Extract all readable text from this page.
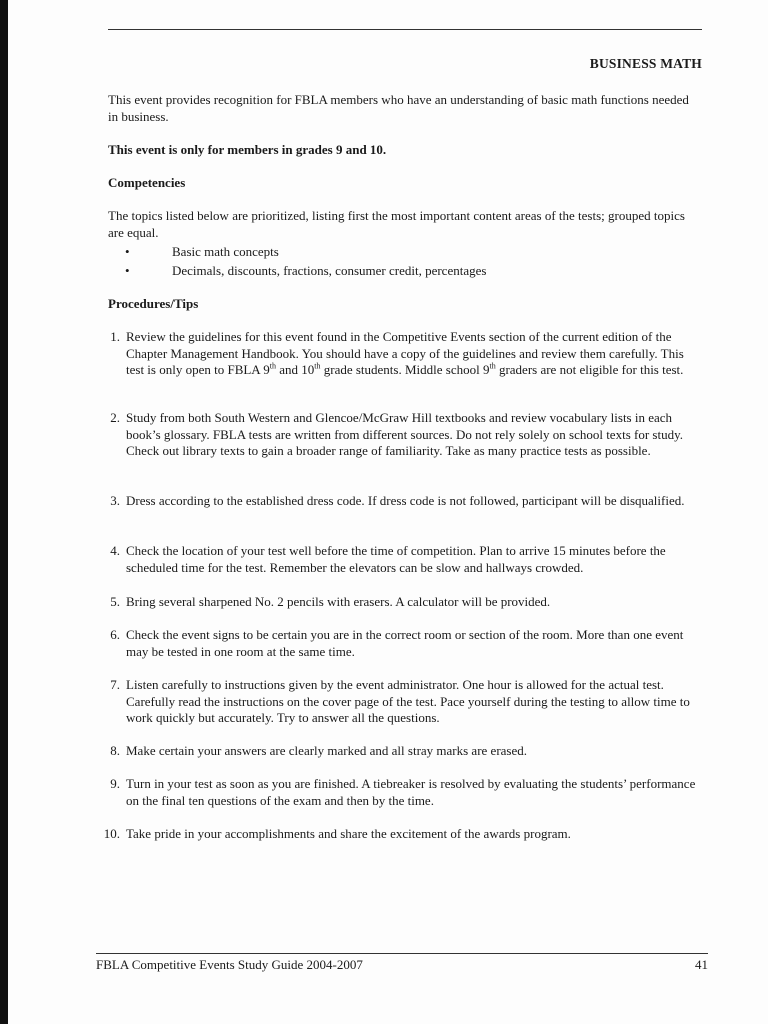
BUSINESS MATH
This event provides recognition for FBLA members who have an understanding of basic math functions needed in business.
This event is only for members in grades 9 and 10.
Competencies
The topics listed below are prioritized, listing first the most important content areas of the tests; grouped topics are equal.
•	Basic math concepts
•	Decimals, discounts, fractions, consumer credit, percentages
Procedures/Tips
1. Review the guidelines for this event found in the Competitive Events section of the current edition of the Chapter Management Handbook. You should have a copy of the guidelines and review them carefully. This test is only open to FBLA 9th and 10th grade students. Middle school 9th graders are not eligible for this test.
2. Study from both South Western and Glencoe/McGraw Hill textbooks and review vocabulary lists in each book’s glossary. FBLA tests are written from different sources. Do not rely solely on school texts for study. Check out library texts to gain a broader range of familiarity. Take as many practice tests as possible.
3. Dress according to the established dress code. If dress code is not followed, participant will be disqualified.
4. Check the location of your test well before the time of competition. Plan to arrive 15 minutes before the scheduled time for the test. Remember the elevators can be slow and hallways crowded.
5. Bring several sharpened No. 2 pencils with erasers. A calculator will be provided.
6. Check the event signs to be certain you are in the correct room or section of the room. More than one event may be tested in one room at the same time.
7. Listen carefully to instructions given by the event administrator. One hour is allowed for the actual test. Carefully read the instructions on the cover page of the test. Pace yourself during the testing to allow time to work quickly but accurately. Try to answer all the questions.
8. Make certain your answers are clearly marked and all stray marks are erased.
9. Turn in your test as soon as you are finished. A tiebreaker is resolved by evaluating the students’ performance on the final ten questions of the exam and then by the time.
10. Take pride in your accomplishments and share the excitement of the awards program.
FBLA Competitive Events Study Guide 2004-2007	41
